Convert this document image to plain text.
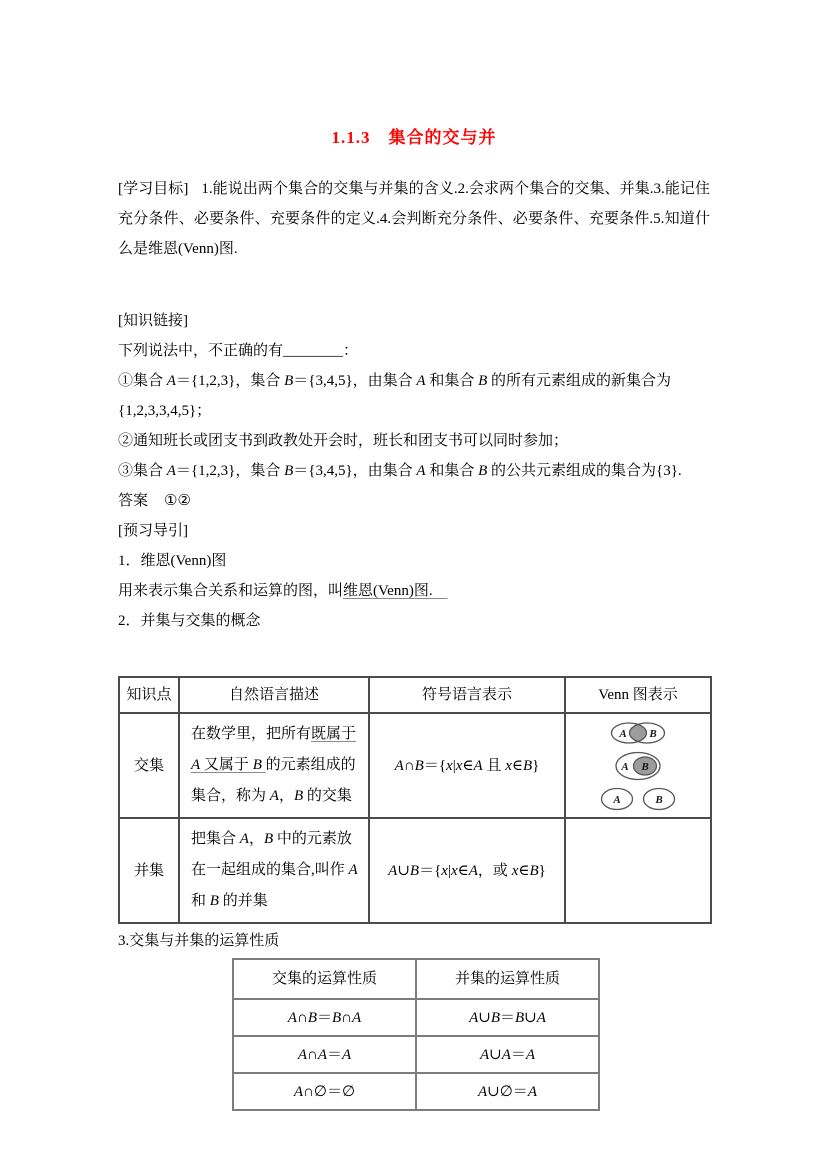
1.1.3　集合的交与并

[学习目标] 1.能说出两个集合的交集与并集的含义.2.会求两个集合的交集、并集.3.能记住充分条件、必要条件、充要条件的定义.4.会判断充分条件、必要条件、充要条件.5.知道什么是维恩(Venn)图.

[知识链接]

下列说法中，不正确的有________：

①集合 A＝{1,2,3}，集合 B＝{3,4,5}，由集合 A 和集合 B 的所有元素组成的新集合为{1,2,3,3,4,5}；

②通知班长或团支书到政教处开会时，班长和团支书可以同时参加；

③集合 A＝{1,2,3}，集合 B＝{3,4,5}，由集合 A 和集合 B 的公共元素组成的集合为{3}.

答案 ①②

[预习导引]

1．维恩(Venn)图

用来表示集合关系和运算的图，叫维恩(Venn)图.　

2．并集与交集的概念

知识点	自然语言描述	符号语言表示	Venn 图表示
交集	在数学里，把所有既属于 A 又属于 B 的元素组成的集合，称为 A，B 的交集	A∩B＝{x|x∈A 且 x∈B}	
A B
A B
A	B

并集	把集合 A，B 中的元素放在一起组成的集合,叫作 A 和 B 的并集	A∪B＝{x|x∈A，或 x∈B}	

3.交集与并集的运算性质

交集的运算性质	并集的运算性质
A∩B＝B∩A	A∪B＝B∪A
A∩A＝A	A∪A＝A
A∩∅＝∅	A∪∅＝A
